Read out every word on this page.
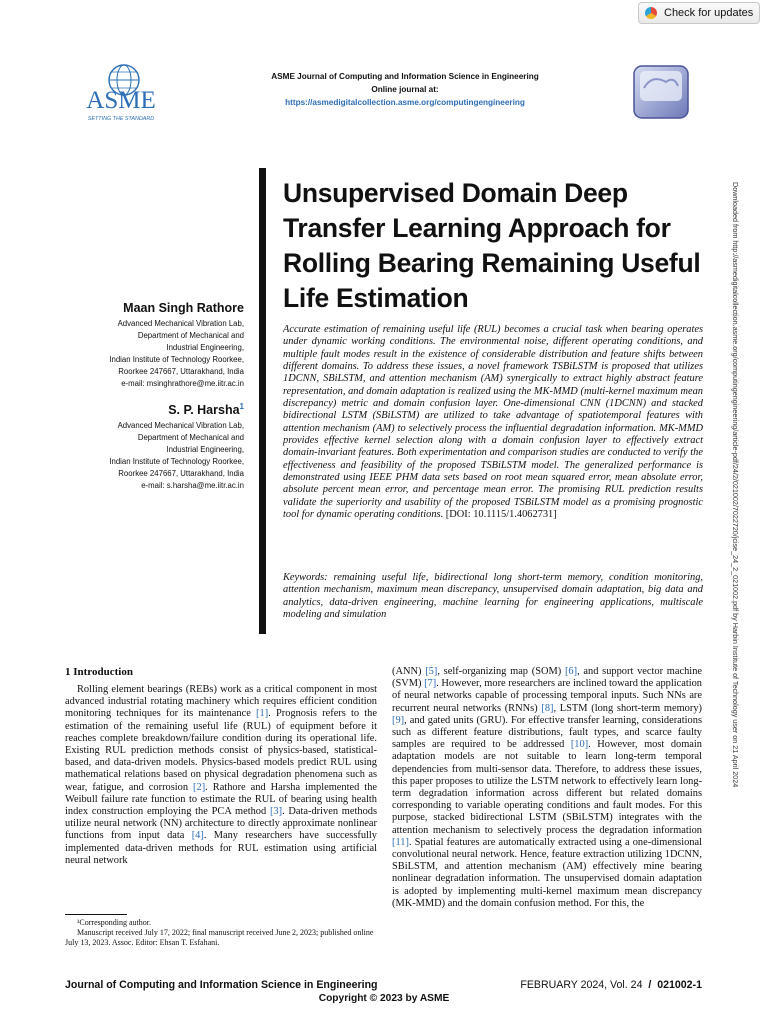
Check for updates
ASME
SETTING THE STANDARD
ASME Journal of Computing and Information Science in Engineering
Online journal at:
https://asmedigitalcollection.asme.org/computingengineering
Unsupervised Domain Deep Transfer Learning Approach for Rolling Bearing Remaining Useful Life Estimation
Maan Singh Rathore
Advanced Mechanical Vibration Lab,
Department of Mechanical and
Industrial Engineering,
Indian Institute of Technology Roorkee,
Roorkee 247667, Uttarakhand, India
e-mail: msinghrathore@me.iitr.ac.in
S. P. Harsha$^1$
Advanced Mechanical Vibration Lab,
Department of Mechanical and
Industrial Engineering,
Indian Institute of Technology Roorkee,
Roorkee 247667, Uttarakhand, India
e-mail: s.harsha@me.iitr.ac.in
Accurate estimation of remaining useful life (RUL) becomes a crucial task when bearing operates under dynamic working conditions. The environmental noise, different operating conditions, and multiple fault modes result in the existence of considerable distribution and feature shifts between different domains. To address these issues, a novel framework TSBiLSTM is proposed that utilizes 1DCNN, SBiLSTM, and attention mechanism (AM) synergically to extract highly abstract feature representation, and domain adaptation is realized using the MK-MMD (multi-kernel maximum mean discrepancy) metric and domain confusion layer. One-dimensional CNN (1DCNN) and stacked bidirectional LSTM (SBiLSTM) are utilized to take advantage of spatiotemporal features with attention mechanism (AM) to selectively process the influential degradation information. MK-MMD provides effective kernel selection along with a domain confusion layer to effectively extract domain-invariant features. Both experimentation and comparison studies are conducted to verify the effectiveness and feasibility of the proposed TSBiLSTM model. The generalized performance is demonstrated using IEEE PHM data sets based on root mean squared error, mean absolute error, absolute percent mean error, and percentage mean error. The promising RUL prediction results validate the superiority and usability of the proposed TSBiLSTM model as a promising prognostic tool for dynamic operating conditions. [DOI: 10.1115/1.4062731]
Keywords: remaining useful life, bidirectional long short-term memory, condition monitoring, attention mechanism, maximum mean discrepancy, unsupervised domain adaptation, big data and analytics, data-driven engineering, machine learning for engineering applications, multiscale modeling and simulation	Downloaded from http://asmedigitalcollection.asme.org/computingengineering/article-pdf/24/2/021002/7022720/jcise_24_2_021002.pdf by Harbin Institute of Technology user on 21 April 2024
1 Introduction
Rolling element bearings (REBs) work as a critical component in most advanced industrial rotating machinery which requires efficient condition monitoring techniques for its maintenance [1]. Prognosis refers to the estimation of the remaining useful life (RUL) of equipment before it reaches complete breakdown/failure condition during its operational life. Existing RUL prediction methods consist of physics-based, statistical-based, and data-driven models. Physics-based models predict RUL using mathematical relations based on physical degradation phenomena such as wear, fatigue, and corrosion [2]. Rathore and Harsha implemented the Weibull failure rate function to estimate the RUL of bearing using health index construction employing the PCA method [3]. Data-driven methods utilize neural network (NN) architecture to directly approximate nonlinear functions from input data [4]. Many researchers have successfully implemented data-driven methods for RUL estimation using artificial neural network
(ANN) [5], self-organizing map (SOM) [6], and support vector machine (SVM) [7]. However, more researchers are inclined toward the application of neural networks capable of processing temporal inputs. Such NNs are recurrent neural networks (RNNs) [8], LSTM (long short-term memory) [9], and gated units (GRU). For effective transfer learning, considerations such as different feature distributions, fault types, and scarce faulty samples are required to be addressed [10]. However, most domain adaptation models are not suitable to learn long-term temporal dependencies from multi-sensor data. Therefore, to address these issues, this paper proposes to utilize the LSTM network to effectively learn long-term degradation information across different but related domains corresponding to variable operating conditions and fault modes. For this purpose, stacked bidirectional LSTM (SBiLSTM) integrates with the attention mechanism to selectively process the degradation information [11]. Spatial features are automatically extracted using a one-dimensional convolutional neural network. Hence, feature extraction utilizing 1DCNN, SBiLSTM, and attention mechanism (AM) effectively mine bearing nonlinear degradation information. The unsupervised domain adaptation is adopted by implementing multi-kernel maximum mean discrepancy (MK-MMD) and the domain confusion method. For this, the

¹Corresponding author.

Manuscript received July 17, 2022; final manuscript received June 2, 2023; published online July 13, 2023. Assoc. Editor: Ehsan T. Esfahani.

Journal of Computing and Information Science in Engineering	FEBRUARY 2024, Vol. 24 / 021002-1
Copyright © 2023 by ASME
